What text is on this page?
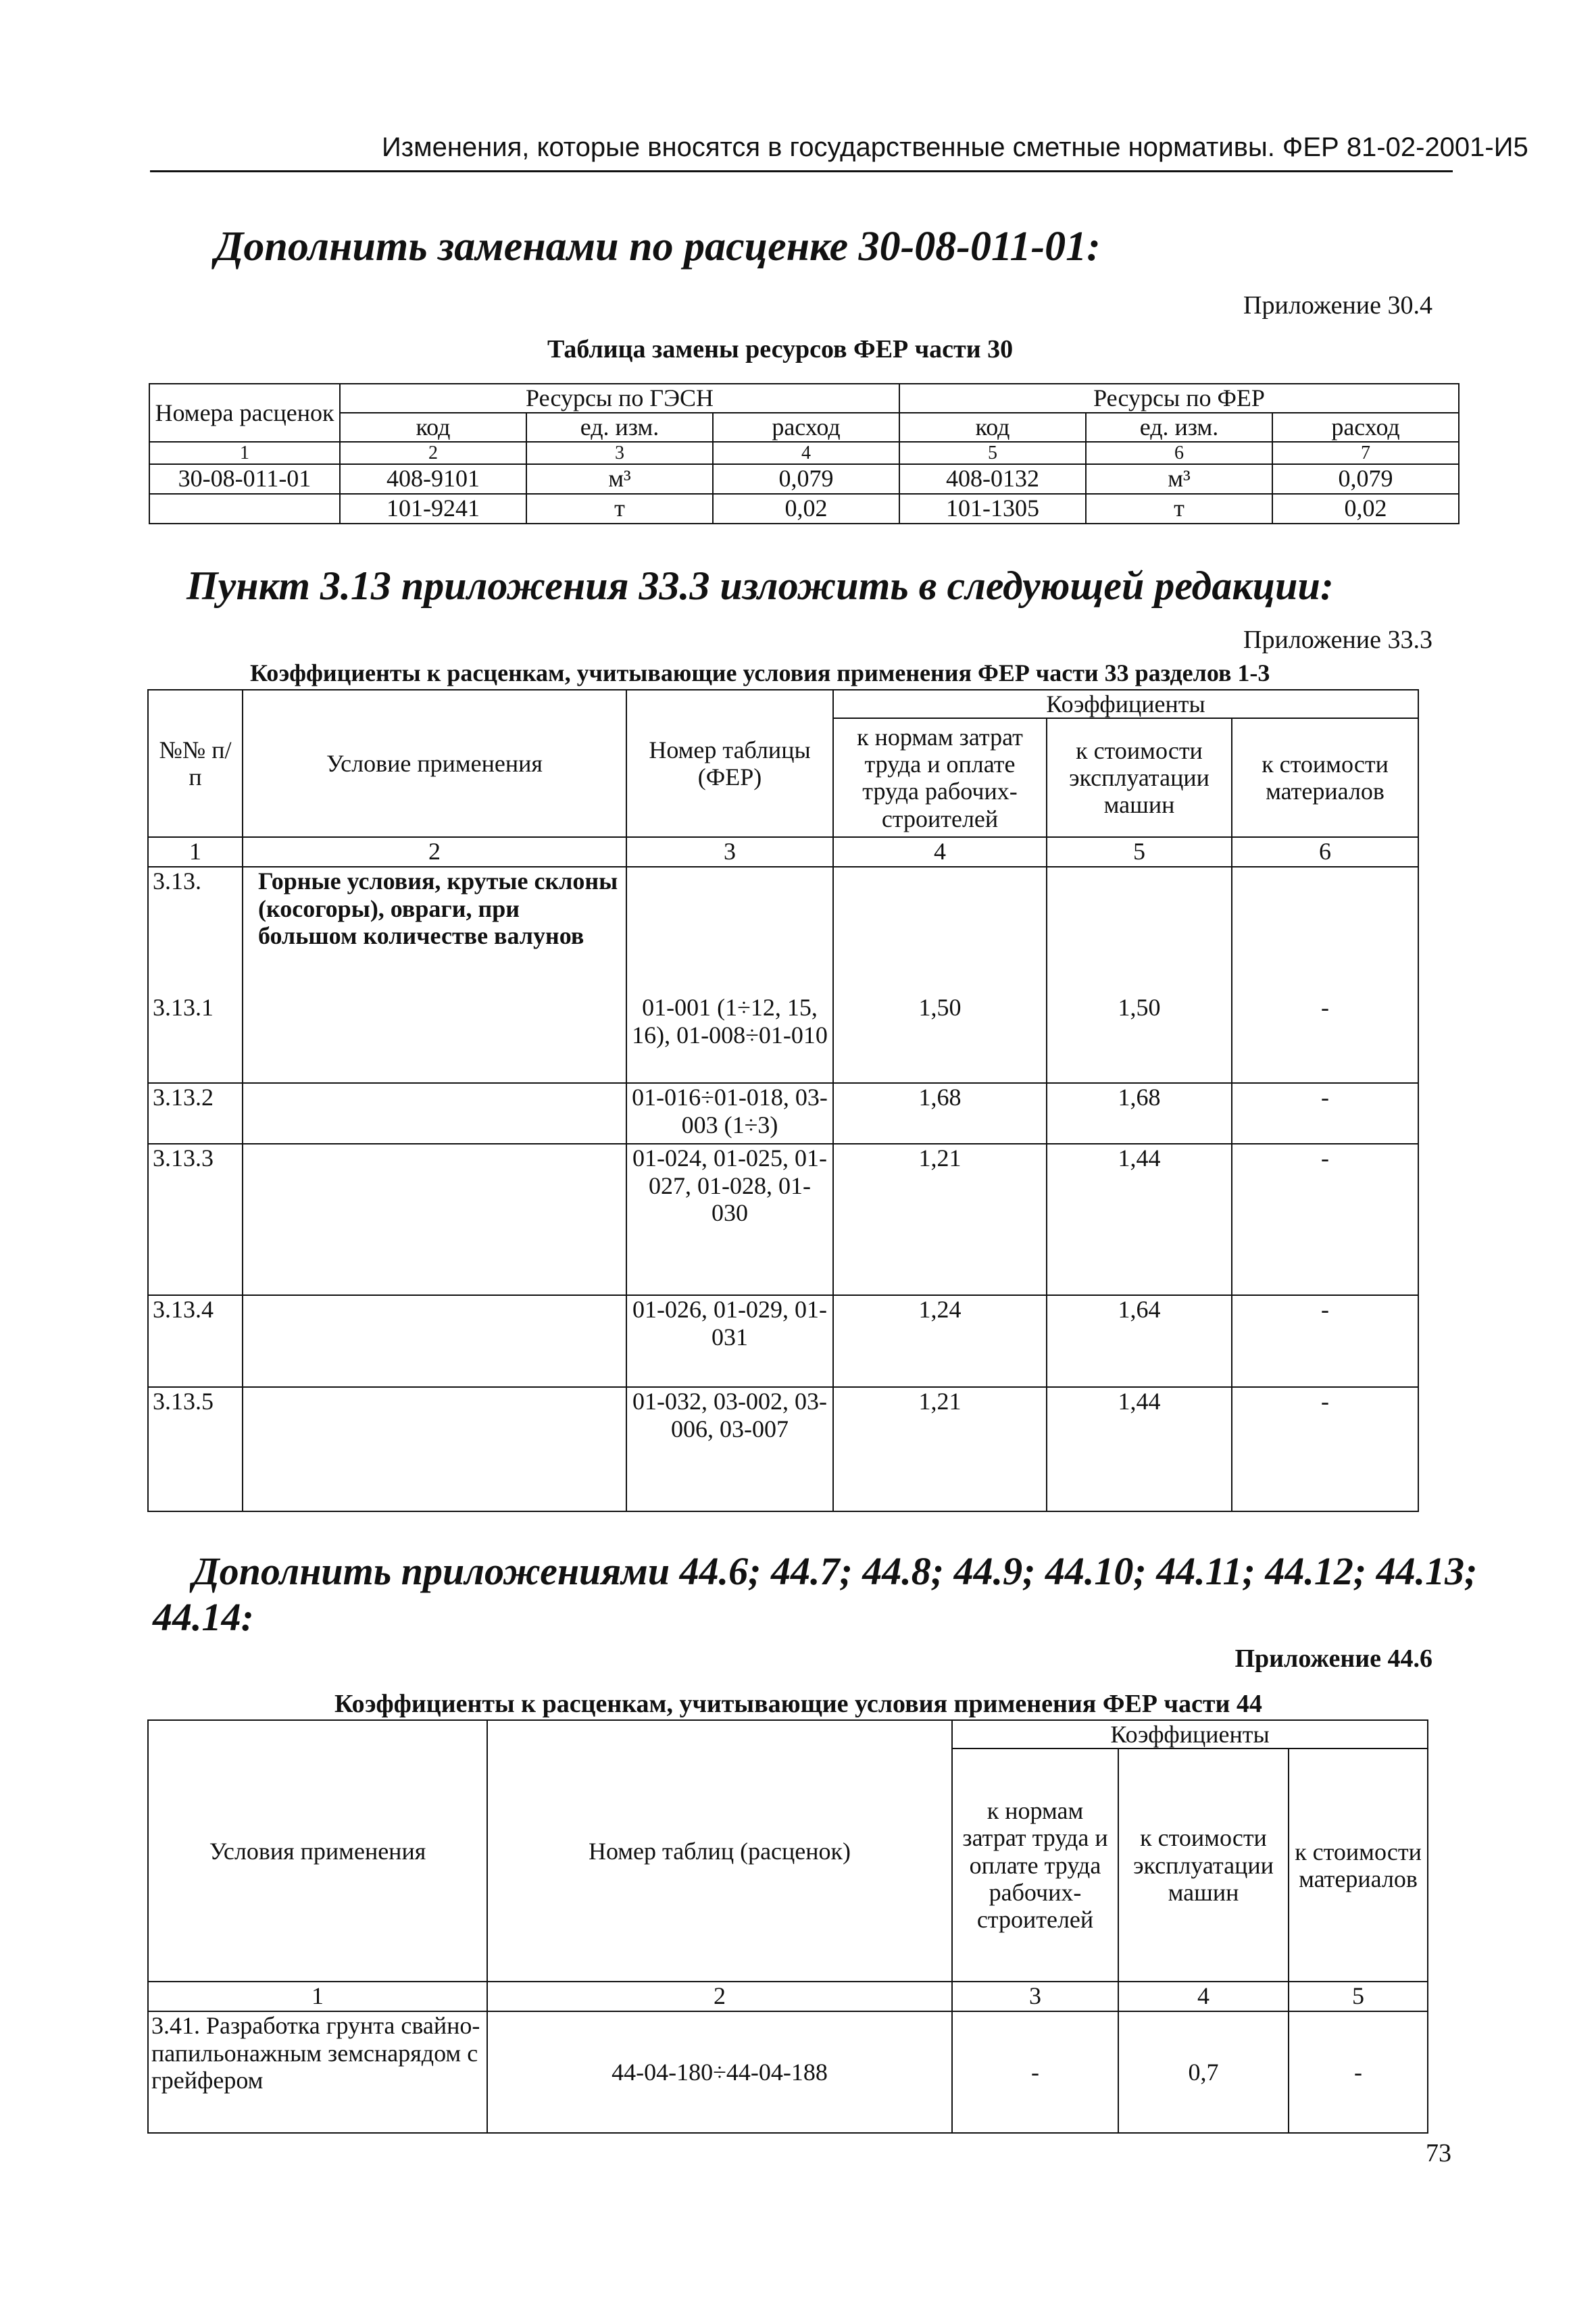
Изменения, которые вносятся в государственные сметные нормативы. ФЕР 81-02-2001-И5
Дополнить заменами по расценке 30-08-011-01:
Приложение 30.4
Таблица замены ресурсов ФЕР части 30
Номера расценок	Ресурсы по ГЭСН			Ресурсы по ФЕР		
	код	ед. изм.	расход	код	ед. изм.	расход
1	2	3	4	5	6	7
30-08-011-01	408-9101	м³	0,079	408-0132	м³	0,079
	101-9241	т	0,02	101-1305	т	0,02
Пункт 3.13 приложения 33.3 изложить в следующей редакции:
Приложение 33.3
Коэффициенты к расценкам, учитывающие условия применения ФЕР части 33 разделов 1-3
№№ п/п	Условие применения	Номер таблицы (ФЕР)	Коэффициенты		
			к нормам затрат труда и оплате труда рабочих-строителей	к стоимости эксплуатации машин	к стоимости материалов
1	2	3	4	5	6
3.13.	Горные условия, крутые склоны (косогоры), овраги, при большом количестве валунов				
3.13.1		01-001 (1÷12, 15, 16), 01-008÷01-010	1,50	1,50	-
3.13.2		01-016÷01-018, 03-003 (1÷3)	1,68	1,68	-
3.13.3		01-024, 01-025, 01-027, 01-028, 01-030	1,21	1,44	-
3.13.4		01-026, 01-029, 01-031	1,24	1,64	-
3.13.5		01-032, 03-002, 03-006, 03-007	1,21	1,44	-
Дополнить приложениями 44.6; 44.7; 44.8; 44.9; 44.10; 44.11; 44.12; 44.13;
44.14:
Приложение 44.6
Коэффициенты к расценкам, учитывающие условия применения ФЕР части 44
Условия применения	Номер таблиц (расценок)	Коэффициенты		
		к нормам затрат труда и оплате труда рабочих-строителей	к стоимости эксплуатации машин	к стоимости материалов
1	2	3	4	5
3.41. Разработка грунта свайно-папильонажным земснарядом с грейфером	44-04-180÷44-04-188	-	0,7	-
73
